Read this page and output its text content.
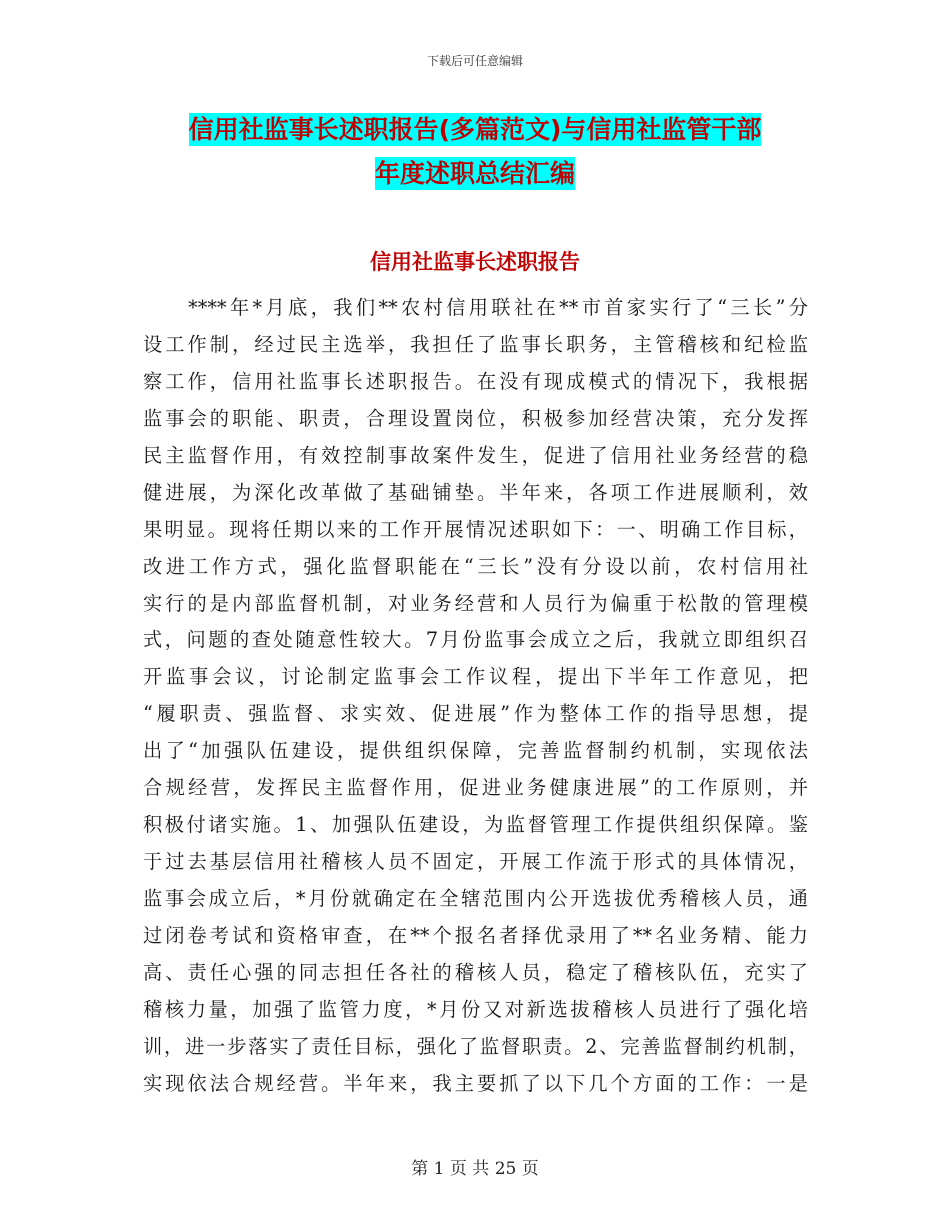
下载后可任意编辑
信用社监事长述职报告(多篇范文)与信用社监管干部
年度述职总结汇编
信用社监事长述职报告
　　****年*月底，我们**农村信用联社在**市首家实行了“三长”分
设工作制，经过民主选举，我担任了监事长职务，主管稽核和纪检监
察工作，信用社监事长述职报告。在没有现成模式的情况下，我根据
监事会的职能、职责，合理设置岗位，积极参加经营决策，充分发挥
民主监督作用，有效控制事故案件发生，促进了信用社业务经营的稳
健进展，为深化改革做了基础铺垫。半年来，各项工作进展顺利，效
果明显。现将任期以来的工作开展情况述职如下：一、明确工作目标，
改进工作方式，强化监督职能在“三长”没有分设以前，农村信用社
实行的是内部监督机制，对业务经营和人员行为偏重于松散的管理模
式，问题的查处随意性较大。7月份监事会成立之后，我就立即组织召
开监事会议，讨论制定监事会工作议程，提出下半年工作意见，把
“履职责、强监督、求实效、促进展”作为整体工作的指导思想，提
出了“加强队伍建设，提供组织保障，完善监督制约机制，实现依法
合规经营，发挥民主监督作用，促进业务健康进展”的工作原则，并
积极付诸实施。1、加强队伍建设，为监督管理工作提供组织保障。鉴
于过去基层信用社稽核人员不固定，开展工作流于形式的具体情况，
监事会成立后，*月份就确定在全辖范围内公开选拔优秀稽核人员，通
过闭卷考试和资格审查，在**个报名者择优录用了**名业务精、能力
高、责任心强的同志担任各社的稽核人员，稳定了稽核队伍，充实了
稽核力量，加强了监管力度，*月份又对新选拔稽核人员进行了强化培
训，进一步落实了责任目标，强化了监督职责。2、完善监督制约机制，
实现依法合规经营。半年来，我主要抓了以下几个方面的工作：一是
第 1 页 共 25 页
